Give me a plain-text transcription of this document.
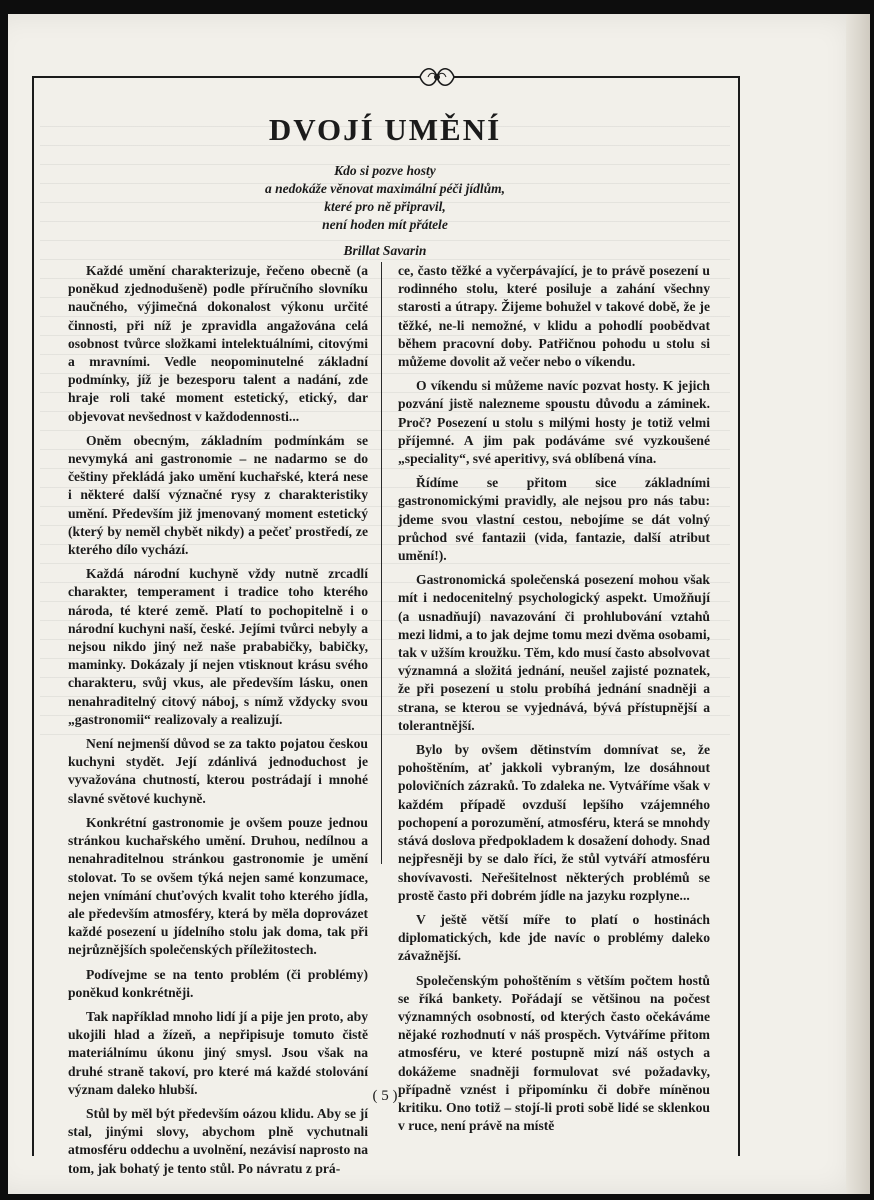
DVOJÍ UMĚNÍ
Kdo si pozve hosty
a nedokáže věnovat maximální péči jídlům,
které pro ně připravil,
není hoden mít přátele
Brillat Savarin

Každé umění charakterizuje, řečeno obecně (a poněkud zjednodušeně) podle příručního slovníku naučného, výjimečná dokonalost výkonu určité činnosti, při níž je zpravidla angažována celá osobnost tvůrce složkami intelektuálními, citovými a mravními. Vedle neopominutelné základní podmínky, jíž je bezesporu talent a nadání, zde hraje roli také moment estetický, etický, dar objevovat nevšednost v každodennosti...

Oněm obecným, základním podmínkám se nevymyká ani gastronomie – ne nadarmo se do češtiny překládá jako umění kuchařské, která nese i některé další význačné rysy z charakteristiky umění. Především již jmenovaný moment estetický (který by neměl chybět nikdy) a pečeť prostředí, ze kterého dílo vychází.

Každá národní kuchyně vždy nutně zrcadlí charakter, temperament i tradice toho kterého národa, té které země. Platí to pochopitelně i o národní kuchyni naší, české. Jejími tvůrci nebyly a nejsou nikdo jiný než naše prababičky, babičky, maminky. Dokázaly jí nejen vtisknout krásu svého charakteru, svůj vkus, ale především lásku, onen nenahraditelný citový náboj, s nímž vždycky svou „gastronomii“ realizovaly a realizují.

Není nejmenší důvod se za takto pojatou českou kuchyni stydět. Její zdánlivá jednoduchost je vyvažována chutností, kterou postrádají i mnohé slavné světové kuchyně.

Konkrétní gastronomie je ovšem pouze jednou stránkou kuchařského umění. Druhou, nedílnou a nenahraditelnou stránkou gastronomie je umění stolovat. To se ovšem týká nejen samé konzumace, nejen vnímání chuťových kvalit toho kterého jídla, ale především atmosféry, která by měla doprovázet každé posezení u jídelního stolu jak doma, tak při nejrůznějších společenských příležitostech.

Podívejme se na tento problém (či problémy) poněkud konkrétněji.

Tak například mnoho lidí jí a pije jen proto, aby ukojili hlad a žízeň, a nepřipisuje tomuto čistě materiálnímu úkonu jiný smysl. Jsou však na druhé straně takoví, pro které má každé stolování význam daleko hlubší.

Stůl by měl být především oázou klidu. Aby se jí stal, jinými slovy, abychom plně vychutnali atmosféru oddechu a uvolnění, nezávisí naprosto na tom, jak bohatý je tento stůl. Po návratu z prá-

ce, často těžké a vyčerpávající, je to právě posezení u rodinného stolu, které posiluje a zahání všechny starosti a útrapy. Žijeme bohužel v takové době, že je těžké, ne-li nemožné, v klidu a pohodlí poobědvat během pracovní doby. Patřičnou pohodu u stolu si můžeme dovolit až večer nebo o víkendu.

O víkendu si můžeme navíc pozvat hosty. K jejich pozvání jistě nalezneme spoustu důvodu a záminek. Proč? Posezení u stolu s milými hosty je totiž velmi příjemné. A jim pak podáváme své vyzkoušené „speciality“, své aperitivy, svá oblíbená vína.

Řídíme se přitom sice základními gastronomickými pravidly, ale nejsou pro nás tabu: jdeme svou vlastní cestou, nebojíme se dát volný průchod své fantazii (vida, fantazie, další atribut umění!).

Gastronomická společenská posezení mohou však mít i nedocenitelný psychologický aspekt. Umožňují (a usnadňují) navazování či prohlubování vztahů mezi lidmi, a to jak dejme tomu mezi dvěma osobami, tak v užším kroužku. Těm, kdo musí často absolvovat významná a složitá jednání, neušel zajisté poznatek, že při posezení u stolu probíhá jednání snadněji a strana, se kterou se vyjednává, bývá přístupnější a tolerantnější.

Bylo by ovšem dětinstvím domnívat se, že pohoštěním, ať jakkoli vybraným, lze dosáhnout polovičních zázraků. To zdaleka ne. Vytváříme však v každém případě ovzduší lepšího vzájemného pochopení a porozumění, atmosféru, která se mnohdy stává doslova předpokladem k dosažení dohody. Snad nejpřesněji by se dalo říci, že stůl vytváří atmosféru shovívavosti. Neřešitelnost některých problémů se prostě často při dobrém jídle na jazyku rozplyne...

V ještě větší míře to platí o hostinách diplomatických, kde jde navíc o problémy daleko závažnější.

Společenským pohoštěním s větším počtem hostů se říká bankety. Pořádají se většinou na počest významných osobností, od kterých často očekáváme nějaké rozhodnutí v náš prospěch. Vytváříme přitom atmosféru, ve které postupně mizí náš ostych a dokážeme snadněji formulovat své požadavky, případně vznést i připomínku či dobře míněnou kritiku. Ono totiž – stojí-li proti sobě lidé se sklenkou v ruce, není právě na místě

( 5 )
